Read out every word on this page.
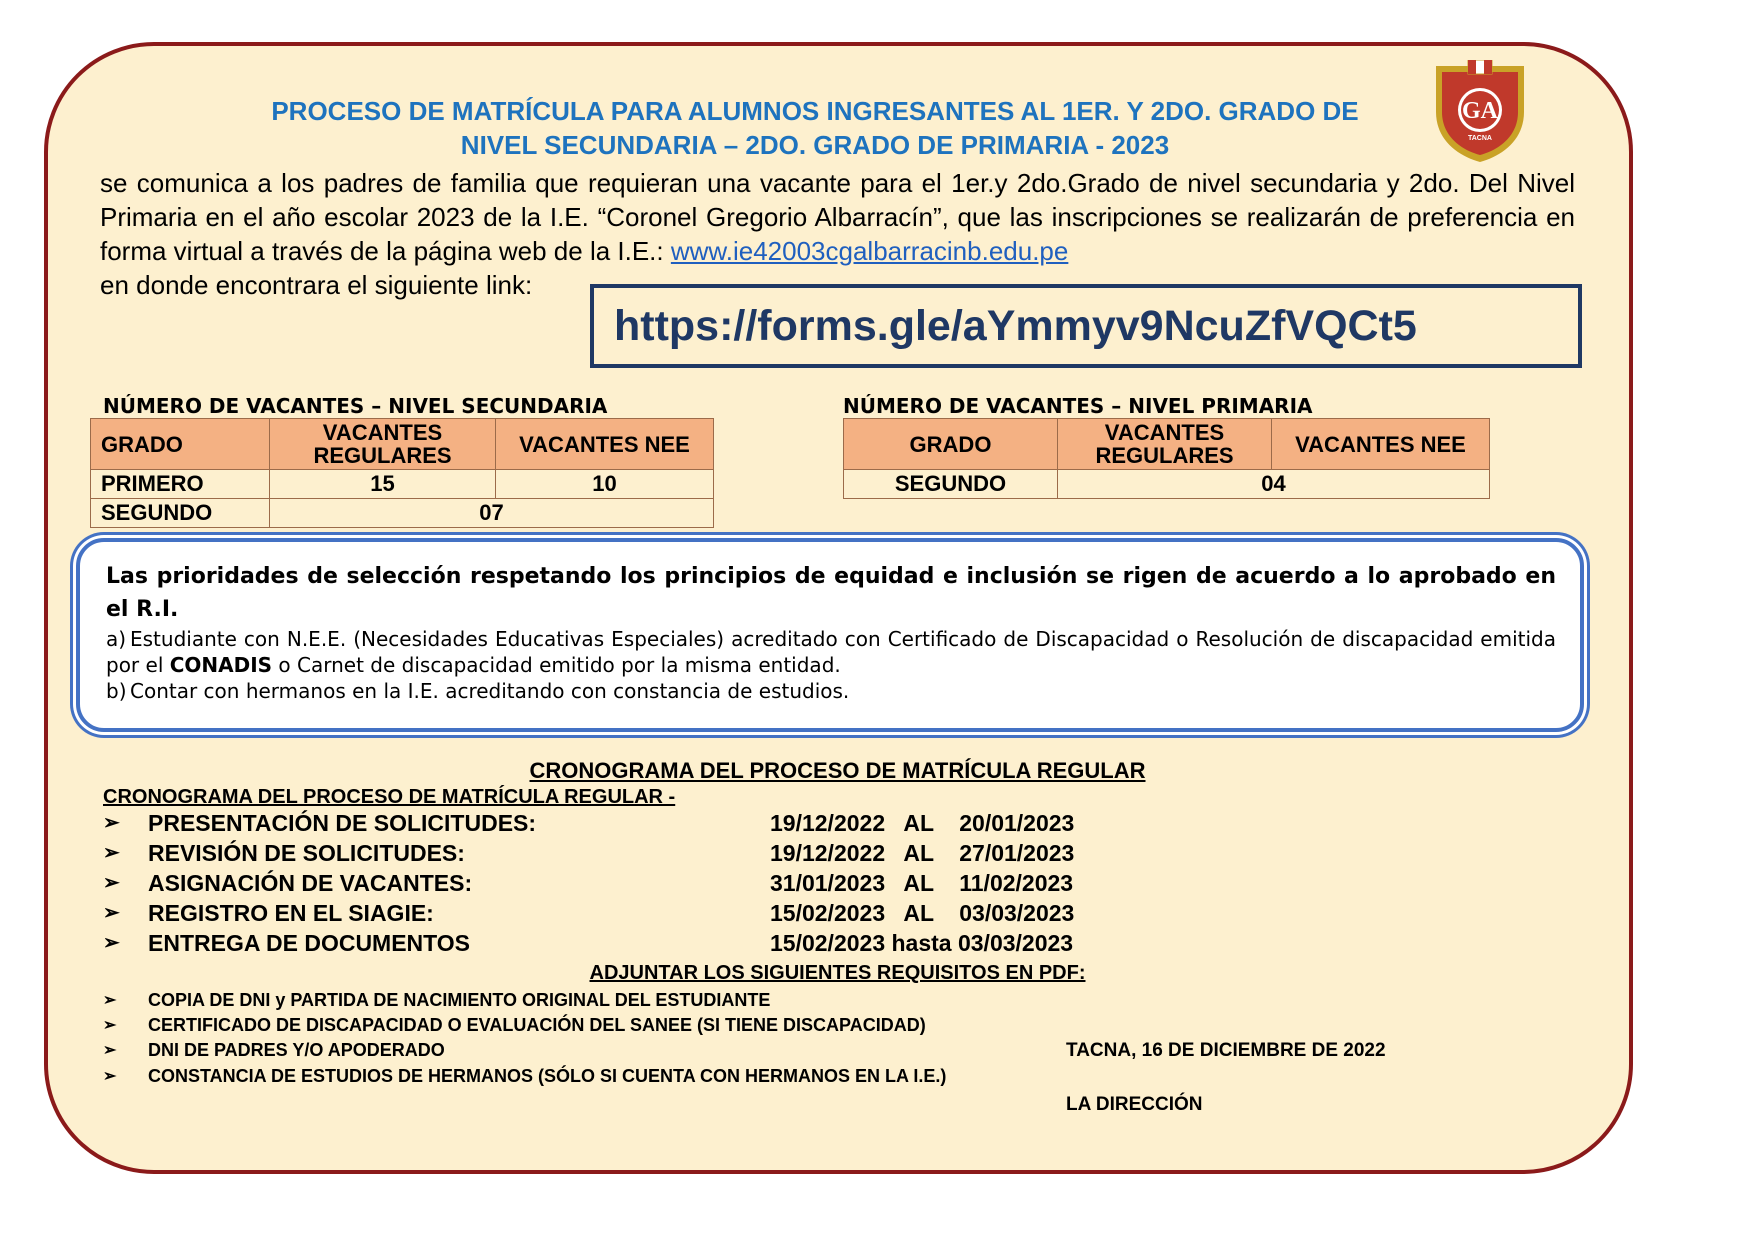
PROCESO DE MATRÍCULA PARA ALUMNOS INGRESANTES AL 1ER. Y 2DO. GRADO DE
NIVEL SECUNDARIA – 2DO. GRADO DE PRIMARIA - 2023
GA
TACNA
se comunica a los padres de familia que requieran una vacante para el 1er.y 2do.Grado de nivel secundaria y 2do. Del Nivel Primaria en el año escolar 2023 de la I.E. “Coronel Gregorio Albarracín”, que las inscripciones se realizarán de preferencia en forma virtual a través de la página web de la I.E.: www.ie42003cgalbarracinb.edu.pe
en donde encontrara el siguiente link:
https://forms.gle/aYmmyv9NcuZfVQCt5
NÚMERO DE VACANTES – NIVEL SECUNDARIA
GRADO	VACANTES REGULARES	VACANTES NEE
PRIMERO	15	10
SEGUNDO	07	
NÚMERO DE VACANTES – NIVEL PRIMARIA
GRADO	VACANTES REGULARES	VACANTES NEE
SEGUNDO	04	
Las prioridades de selección respetando los principios de equidad e inclusión se rigen de acuerdo a lo aprobado en el R.I.
a) Estudiante con N.E.E. (Necesidades Educativas Especiales) acreditado con Certificado de Discapacidad o Resolución de discapacidad emitida por el CONADIS o Carnet de discapacidad emitido por la misma entidad.
b) Contar con hermanos en la I.E. acreditando con constancia de estudios.
CRONOGRAMA DEL PROCESO DE MATRÍCULA REGULAR
CRONOGRAMA DEL PROCESO DE MATRÍCULA REGULAR -
➢ PRESENTACIÓN DE SOLICITUDES:	19/12/2022   AL    20/01/2023
➢ REVISIÓN DE SOLICITUDES:	19/12/2022   AL    27/01/2023
➢ ASIGNACIÓN DE VACANTES:	31/01/2023   AL    11/02/2023
➢ REGISTRO EN EL SIAGIE:	15/02/2023   AL    03/03/2023
➢ ENTREGA DE DOCUMENTOS	15/02/2023 hasta 03/03/2023
ADJUNTAR LOS SIGUIENTES REQUISITOS EN PDF:
➢ COPIA DE DNI y PARTIDA DE NACIMIENTO ORIGINAL DEL ESTUDIANTE
➢ CERTIFICADO DE DISCAPACIDAD O EVALUACIÓN DEL SANEE (SI TIENE DISCAPACIDAD)
➢ DNI DE PADRES Y/O APODERADO
➢ CONSTANCIA DE ESTUDIOS DE HERMANOS (SÓLO SI CUENTA CON HERMANOS EN LA I.E.)
TACNA, 16 DE DICIEMBRE DE 2022
LA DIRECCIÓN
